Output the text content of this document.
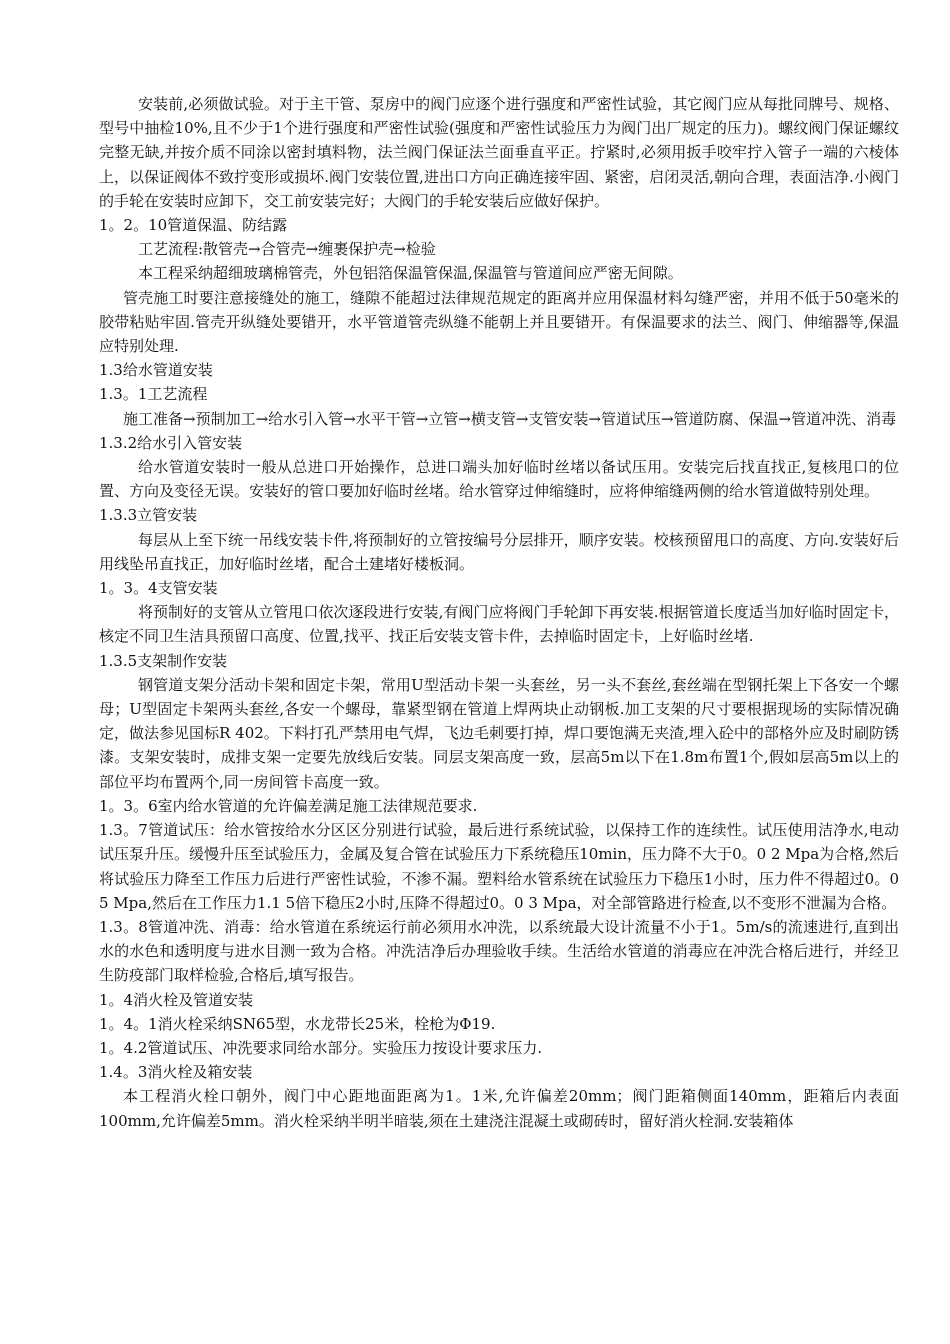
安装前,必须做试验。对于主干管、泵房中的阀门应逐个进行强度和严密性试验，其它阀门应从每批同牌号、规格、型号中抽检10%,且不少于1个进行强度和严密性试验(强度和严密性试验压力为阀门出厂规定的压力)。螺纹阀门保证螺纹完整无缺,并按介质不同涂以密封填料物，法兰阀门保证法兰面垂直平正。拧紧时,必须用扳手咬牢拧入管子一端的六棱体上，以保证阀体不致拧变形或损坏.阀门安装位置,进出口方向正确连接牢固、紧密，启闭灵活,朝向合理，表面洁净.小阀门的手轮在安装时应卸下，交工前安装完好；大阀门的手轮安装后应做好保护。

1。2。10管道保温、防结露

工艺流程:散管壳→合管壳→缠裹保护壳→检验

本工程采纳超细玻璃棉管壳，外包铝箔保温管保温,保温管与管道间应严密无间隙。

管壳施工时要注意接缝处的施工，缝隙不能超过法律规范规定的距离并应用保温材料勾缝严密，并用不低于50毫米的胶带粘贴牢固.管壳开纵缝处要错开，水平管道管壳纵缝不能朝上并且要错开。有保温要求的法兰、阀门、伸缩器等,保温应特别处理.

1.3给水管道安装

1.3。1工艺流程

施工准备→预制加工→给水引入管→水平干管→立管→横支管→支管安装→管道试压→管道防腐、保温→管道冲洗、消毒

1.3.2给水引入管安装

给水管道安装时一般从总进口开始操作，总进口端头加好临时丝堵以备试压用。安装完后找直找正,复核甩口的位置、方向及变径无误。安装好的管口要加好临时丝堵。给水管穿过伸缩缝时，应将伸缩缝两侧的给水管道做特别处理。

1.3.3立管安装

每层从上至下统一吊线安装卡件,将预制好的立管按编号分层排开，顺序安装。校核预留甩口的高度、方向.安装好后用线坠吊直找正，加好临时丝堵，配合土建堵好楼板洞。

1。3。4支管安装

将预制好的支管从立管甩口依次逐段进行安装,有阀门应将阀门手轮卸下再安装.根据管道长度适当加好临时固定卡，核定不同卫生洁具预留口高度、位置,找平、找正后安装支管卡件，去掉临时固定卡，上好临时丝堵.

1.3.5支架制作安装

钢管道支架分活动卡架和固定卡架，常用U型活动卡架一头套丝，另一头不套丝,套丝端在型钢托架上下各安一个螺母；U型固定卡架两头套丝,各安一个螺母，靠紧型钢在管道上焊两块止动钢板.加工支架的尺寸要根据现场的实际情况确定，做法参见国标R 402。下料打孔严禁用电气焊，飞边毛刺要打掉，焊口要饱满无夹渣,埋入砼中的部格外应及时刷防锈漆。支架安装时，成排支架一定要先放线后安装。同层支架高度一致，层高5m以下在1.8m布置1个,假如层高5m以上的部位平均布置两个,同一房间管卡高度一致。

1。3。6室内给水管道的允许偏差满足施工法律规范要求.

1.3。7管道试压：给水管按给水分区区分别进行试验，最后进行系统试验，以保持工作的连续性。试压使用洁净水,电动试压泵升压。缓慢升压至试验压力，金属及复合管在试验压力下系统稳压10min，压力降不大于0。0 2 Mpa为合格,然后将试验压力降至工作压力后进行严密性试验，不渗不漏。塑料给水管系统在试验压力下稳压1小时，压力件不得超过0。0 5 Mpa,然后在工作压力1.1 5倍下稳压2小时,压降不得超过0。0 3 Mpa，对全部管路进行检查,以不变形不泄漏为合格。

1.3。8管道冲洗、消毒：给水管道在系统运行前必须用水冲洗，以系统最大设计流量不小于1。5m/s的流速进行,直到出水的水色和透明度与进水目测一致为合格。冲洗洁净后办理验收手续。生活给水管道的消毒应在冲洗合格后进行，并经卫生防疫部门取样检验,合格后,填写报告。

1。4消火栓及管道安装

1。4。1消火栓采纳SN65型，水龙带长25米，栓枪为Φ19.

1。4.2管道试压、冲洗要求同给水部分。实验压力按设计要求压力.

1.4。3消火栓及箱安装

本工程消火栓口朝外，阀门中心距地面距离为1。1米,允许偏差20mm；阀门距箱侧面140mm，距箱后内表面100mm,允许偏差5mm。消火栓采纳半明半暗装,须在土建浇注混凝土或砌砖时，留好消火栓洞.安装箱体
